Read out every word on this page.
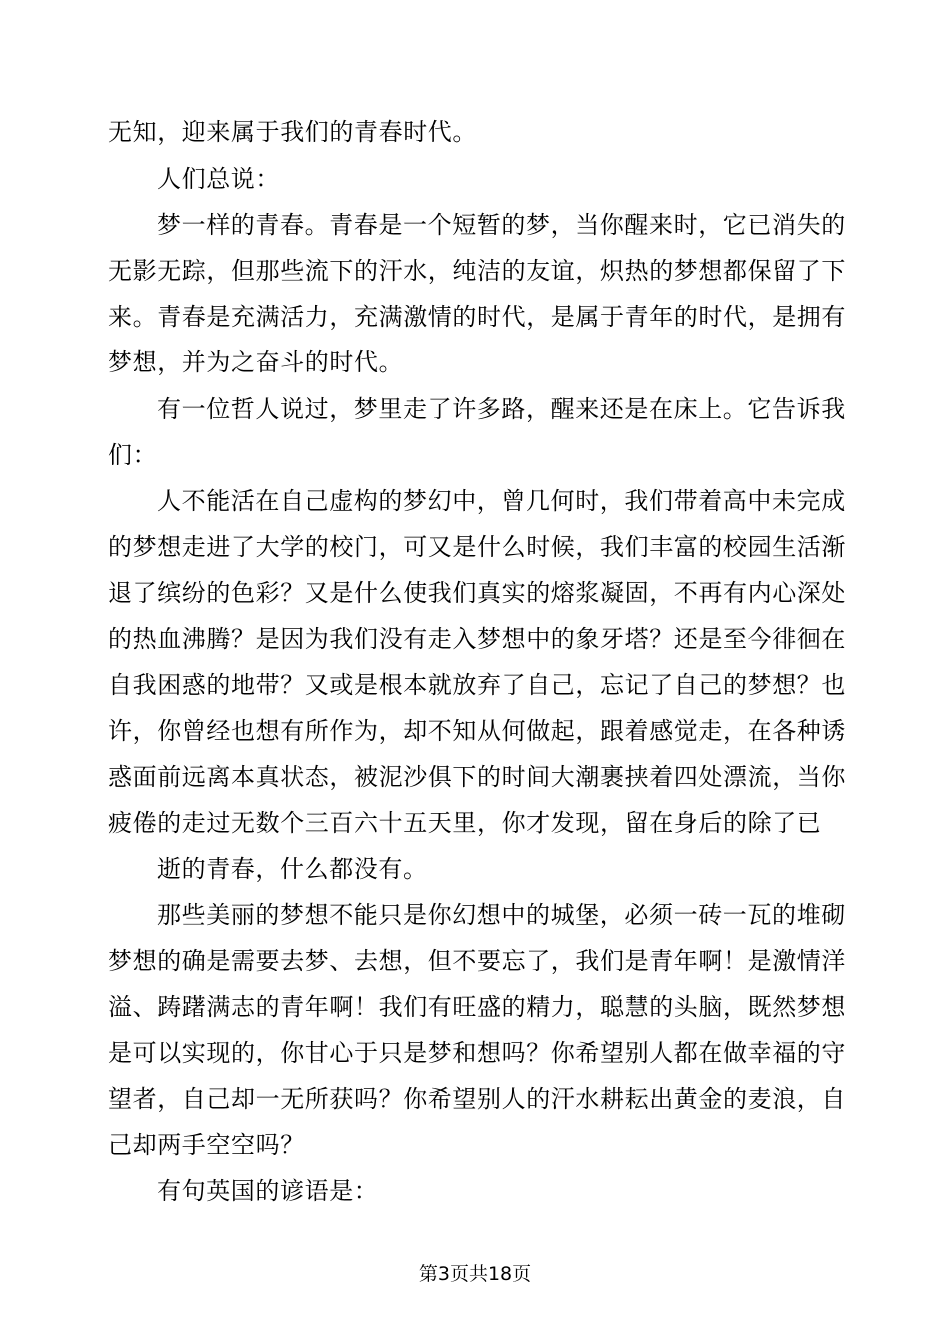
无知，迎来属于我们的青春时代。
人们总说：
梦一样的青春。青春是一个短暂的梦，当你醒来时，它已消失的
无影无踪，但那些流下的汗水，纯洁的友谊，炽热的梦想都保留了下
来。青春是充满活力，充满激情的时代，是属于青年的时代，是拥有
梦想，并为之奋斗的时代。
有一位哲人说过，梦里走了许多路，醒来还是在床上。它告诉我
们：
人不能活在自己虚构的梦幻中，曾几何时，我们带着高中未完成
的梦想走进了大学的校门，可又是什么时候，我们丰富的校园生活渐
退了缤纷的色彩？又是什么使我们真实的熔浆凝固，不再有内心深处
的热血沸腾？是因为我们没有走入梦想中的象牙塔？还是至今徘徊在
自我困惑的地带？又或是根本就放弃了自己，忘记了自己的梦想？也
许，你曾经也想有所作为，却不知从何做起，跟着感觉走，在各种诱
惑面前远离本真状态，被泥沙俱下的时间大潮裹挟着四处漂流，当你
疲倦的走过无数个三百六十五天里，你才发现，留在身后的除了已
逝的青春，什么都没有。
那些美丽的梦想不能只是你幻想中的城堡，必须一砖一瓦的堆砌
梦想的确是需要去梦、去想，但不要忘了，我们是青年啊！是激情洋
溢、踌躇满志的青年啊！我们有旺盛的精力，聪慧的头脑，既然梦想
是可以实现的，你甘心于只是梦和想吗？你希望别人都在做幸福的守
望者，自己却一无所获吗？你希望别人的汗水耕耘出黄金的麦浪，自
己却两手空空吗？
有句英国的谚语是：
第3页共18页
